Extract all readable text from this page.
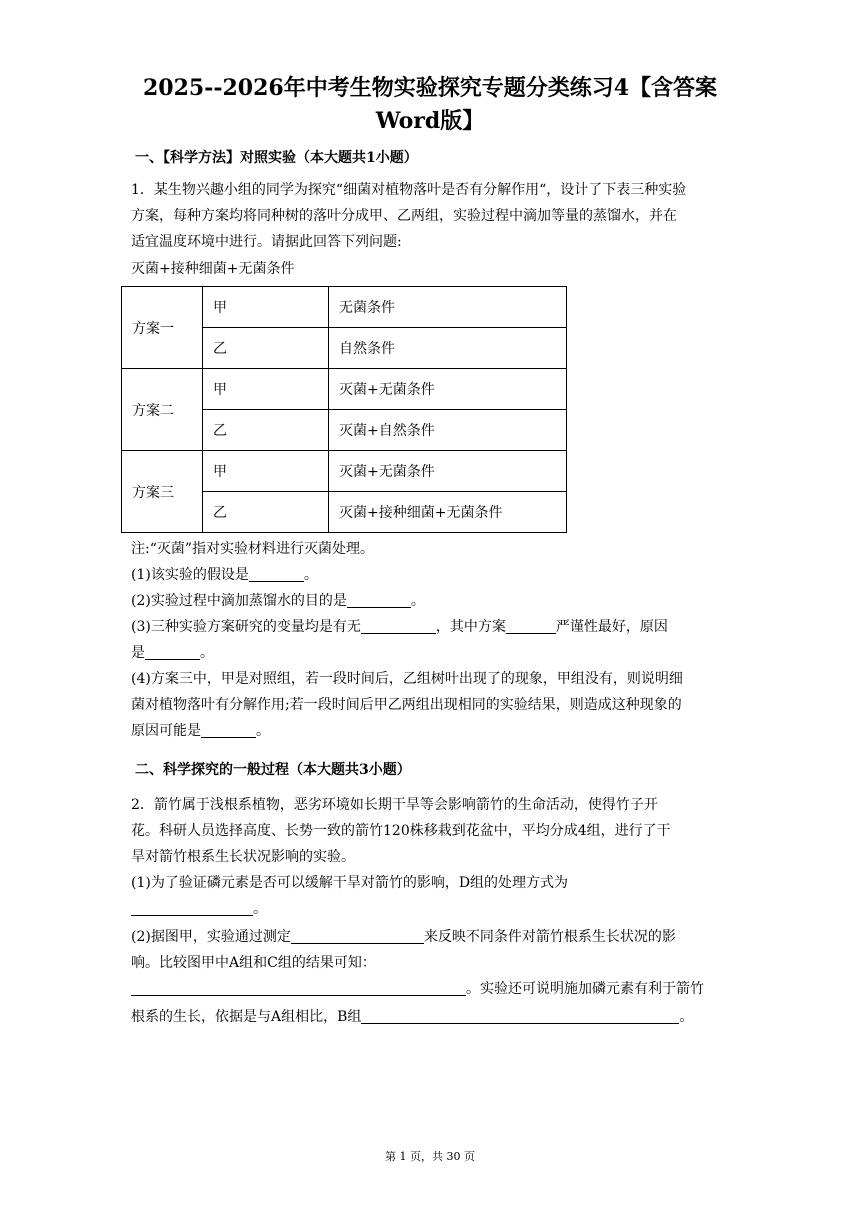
2025--2026年中考生物实验探究专题分类练习4【含答案
Word版】
一、【科学方法】对照实验（本大题共1小题）
1．某生物兴趣小组的同学为探究“细菌对植物落叶是否有分解作用“，设计了下表三种实验
方案，每种方案均将同种树的落叶分成甲、乙两组，实验过程中滴加等量的蒸馏水，并在
适宜温度环境中进行。请据此回答下列问题:
灭菌+接种细菌+无菌条件
方案一	甲	无菌条件
	乙	自然条件
方案二	甲	灭菌+无菌条件
	乙	灭菌+自然条件
方案三	甲	灭菌+无菌条件
	乙	灭菌+接种细菌+无菌条件
注:“灭菌”指对实验材料进行灭菌处理。
(1)该实验的假设是	。
(2)实验过程中滴加蒸馏水的目的是	。
(3)三种实验方案研究的变量均是有无	，其中方案	严谨性最好，原因
是	。
(4)方案三中，甲是对照组，若一段时间后，乙组树叶出现了的现象，甲组没有，则说明细
菌对植物落叶有分解作用;若一段时间后甲乙两组出现相同的实验结果，则造成这种现象的
原因可能是	。
二、科学探究的一般过程（本大题共3小题）
2．箭竹属于浅根系植物，恶劣环境如长期干旱等会影响箭竹的生命活动，使得竹子开
花。科研人员选择高度、长势一致的箭竹120株移栽到花盆中，平均分成4组，进行了干
旱对箭竹根系生长状况影响的实验。
(1)为了验证磷元素是否可以缓解干旱对箭竹的影响，D组的处理方式为
。
(2)据图甲，实验通过测定	来反映不同条件对箭竹根系生长状况的影
响。比较图甲中A组和C组的结果可知：
。实验还可说明施加磷元素有利于箭竹
根系的生长，依据是与A组相比，B组	。
第 1 页，共 30 页
